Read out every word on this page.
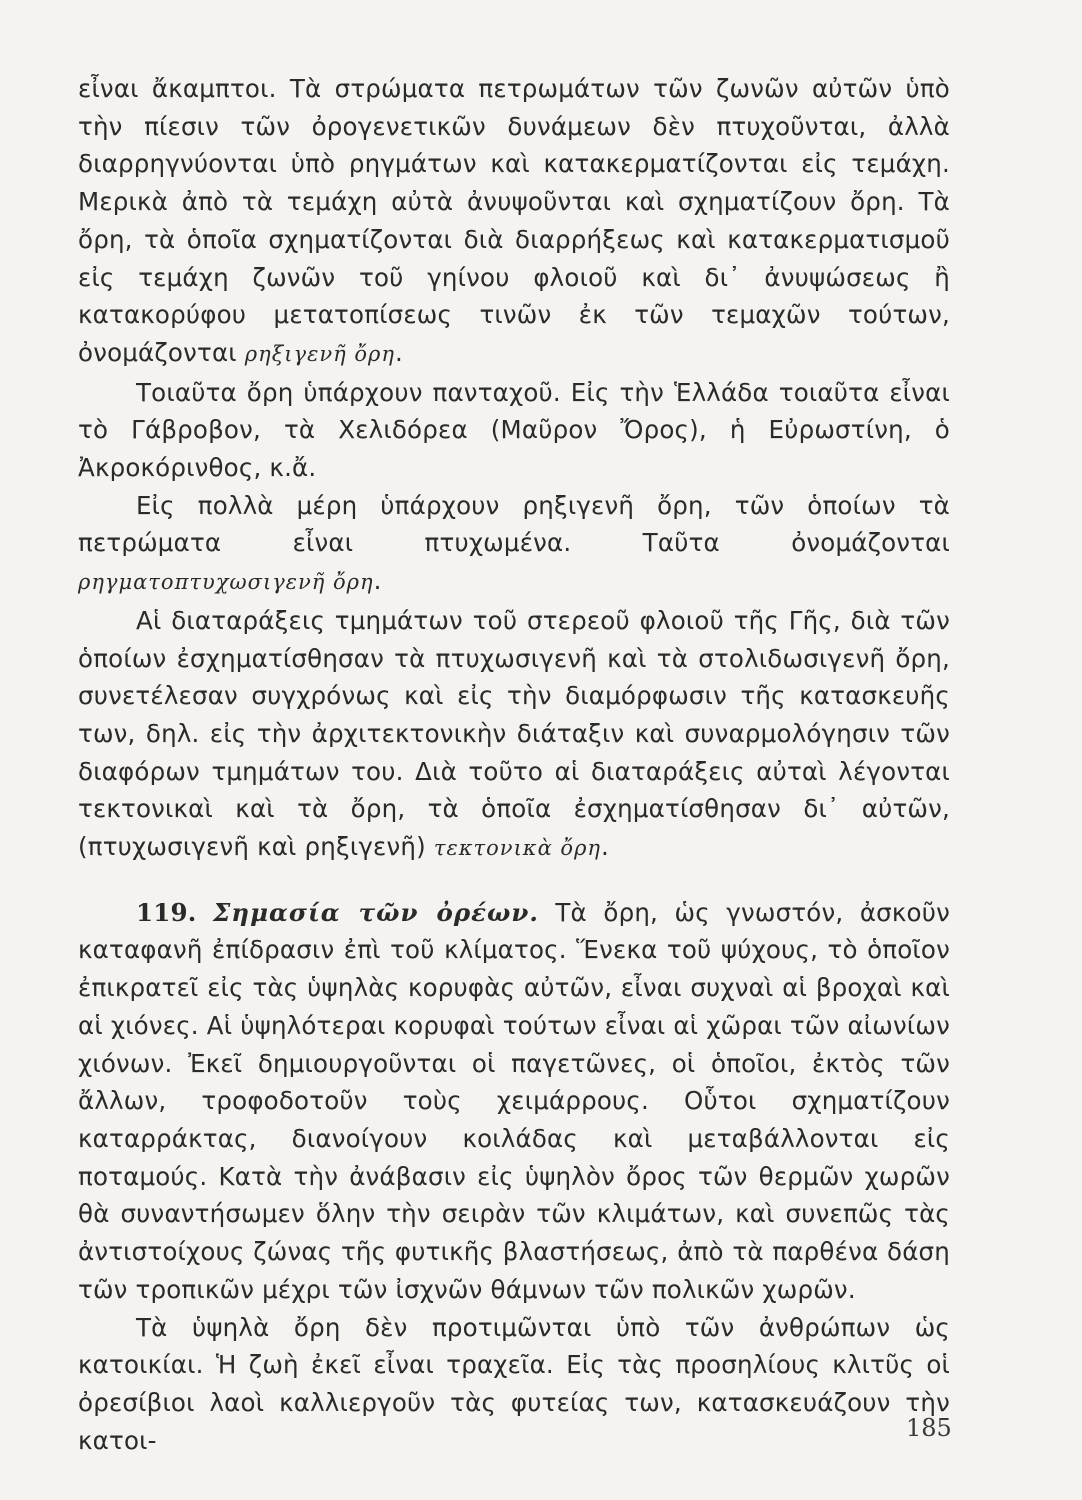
εἶναι ἄκαμπτοι. Τὰ στρώματα πετρωμάτων τῶν ζωνῶν αὐτῶν ὑπὸ τὴν πίεσιν τῶν ὀρογενετικῶν δυνάμεων δὲν πτυχοῦνται, ἀλλὰ διαρρηγνύονται ὑπὸ ρηγμάτων καὶ κατακερματίζονται εἰς τεμάχη. Μερικὰ ἀπὸ τὰ τεμάχη αὐτὰ ἀνυψοῦνται καὶ σχηματίζουν ὄρη. Τὰ ὄρη, τὰ ὁποῖα σχηματίζονται διὰ διαρρήξεως καὶ κατακερματισμοῦ εἰς τεμάχη ζωνῶν τοῦ γηίνου φλοιοῦ καὶ δι᾽ ἀνυψώσεως ἢ κατακορύφου μετατοπίσεως τινῶν ἐκ τῶν τεμαχῶν τούτων, ὀνομάζονται ρηξιγενῆ ὄρη.

Τοιαῦτα ὄρη ὑπάρχουν πανταχοῦ. Εἰς τὴν Ἑλλάδα τοιαῦτα εἶναι τὸ Γάβροβον, τὰ Χελιδόρεα (Μαῦρον Ὄρος), ἡ Εὐρωστίνη, ὁ Ἀκροκόρινθος, κ.ἄ.

Εἰς πολλὰ μέρη ὑπάρχουν ρηξιγενῆ ὄρη, τῶν ὁποίων τὰ πετρώματα εἶναι πτυχωμένα. Ταῦτα ὀνομάζονται ρηγματοπτυχωσιγενῆ ὄρη.

Αἱ διαταράξεις τμημάτων τοῦ στερεοῦ φλοιοῦ τῆς Γῆς, διὰ τῶν ὁποίων ἐσχηματίσθησαν τὰ πτυχωσιγενῆ καὶ τὰ στολιδωσιγενῆ ὄρη, συνετέλεσαν συγχρόνως καὶ εἰς τὴν διαμόρφωσιν τῆς κατασκευῆς των, δηλ. εἰς τὴν ἀρχιτεκτονικὴν διάταξιν καὶ συναρμολόγησιν τῶν διαφόρων τμημάτων του. Διὰ τοῦτο αἱ διαταράξεις αὐταὶ λέγονται τεκτονικαὶ καὶ τὰ ὄρη, τὰ ὁποῖα ἐσχηματίσθησαν δι᾽ αὐτῶν, (πτυχωσιγενῆ καὶ ρηξιγενῆ) τεκτονικὰ ὄρη.

119. Σημασία τῶν ὀρέων. Τὰ ὄρη, ὡς γνωστόν, ἀσκοῦν καταφανῆ ἐπίδρασιν ἐπὶ τοῦ κλίματος. Ἕνεκα τοῦ ψύχους, τὸ ὁποῖον ἐπικρατεῖ εἰς τὰς ὑψηλὰς κορυφὰς αὐτῶν, εἶναι συχναὶ αἱ βροχαὶ καὶ αἱ χιόνες. Αἱ ὑψηλότεραι κορυφαὶ τούτων εἶναι αἱ χῶραι τῶν αἰωνίων χιόνων. Ἐκεῖ δημιουργοῦνται οἱ παγετῶνες, οἱ ὁποῖοι, ἐκτὸς τῶν ἄλλων, τροφοδοτοῦν τοὺς χειμάρρους. Οὗτοι σχηματίζουν καταρράκτας, διανοίγουν κοιλάδας καὶ μεταβάλλονται εἰς ποταμούς. Κατὰ τὴν ἀνάβασιν εἰς ὑψηλὸν ὄρος τῶν θερμῶν χωρῶν θὰ συναντήσωμεν ὅλην τὴν σειρὰν τῶν κλιμάτων, καὶ συνεπῶς τὰς ἀντιστοίχους ζώνας τῆς φυτικῆς βλαστήσεως, ἀπὸ τὰ παρθένα δάση τῶν τροπικῶν μέχρι τῶν ἰσχνῶν θάμνων τῶν πολικῶν χωρῶν.

Τὰ ὑψηλὰ ὄρη δὲν προτιμῶνται ὑπὸ τῶν ἀνθρώπων ὡς κατοικίαι. Ἡ ζωὴ ἐκεῖ εἶναι τραχεῖα. Εἰς τὰς προσηλίους κλιτῦς οἱ ὀρεσίβιοι λαοὶ καλλιεργοῦν τὰς φυτείας των, κατασκευάζουν τὴν κατοι-	185
